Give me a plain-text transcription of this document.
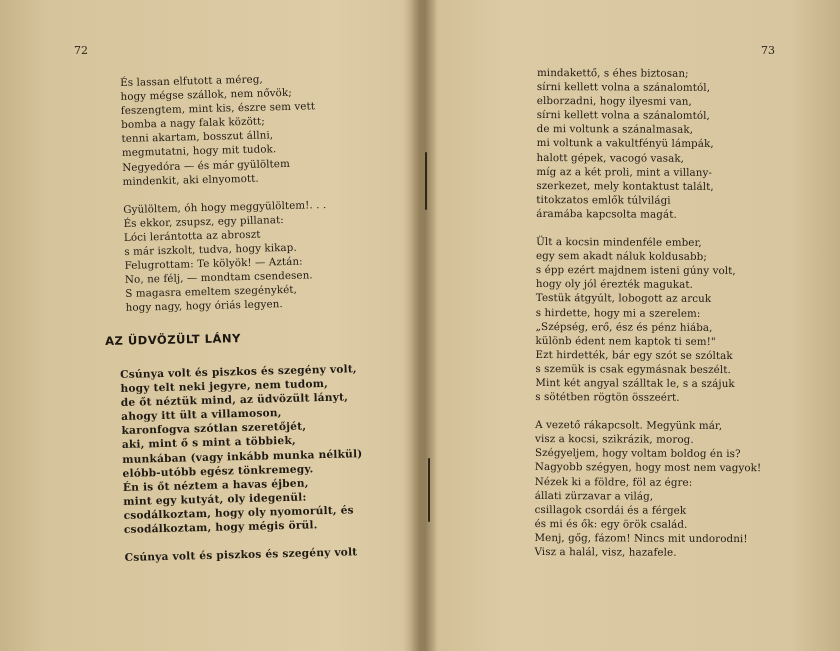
72
És lassan elfutott a méreg,
hogy mégse szállok, nem nővök;
feszengtem, mint kis, észre sem vett
bomba a nagy falak között;
tenni akartam, bosszut állni,
megmutatni, hogy mit tudok.
Negyedóra — és már gyülöltem
mindenkit, aki elnyomott.
Gyülöltem, óh hogy meggyülöltem!. . .
És ekkor, zsupsz, egy pillanat:
Lóci lerántotta az abroszt
s már iszkolt, tudva, hogy kikap.
Felugrottam: Te kölyök! — Aztán:
No, ne félj, — mondtam csendesen.
S magasra emeltem szegénykét,
hogy nagy, hogy óriás legyen.
AZ ÜDVÖZÜLT LÁNY
Csúnya volt és piszkos és szegény volt,
hogy telt neki jegyre, nem tudom,
de őt néztük mind, az üdvözült lányt,
ahogy itt ült a villamoson,
karonfogva szótlan szeretőjét,
aki, mint ő s mint a többiek,
munkában (vagy inkább munka nélkül)
elóbb-utóbb egész tönkremegy.
Én is őt néztem a havas éjben,
mint egy kutyát, oly idegenül:
csodálkoztam, hogy oly nyomorúlt, és
csodálkoztam, hogy mégis örül.
Csúnya volt és piszkos és szegény volt
73
mindakettő, s éhes biztosan;
sírni kellett volna a szánalomtól,
elborzadni, hogy ilyesmi van,
sírni kellett volna a szánalomtól,
de mi voltunk a szánalmasak,
mi voltunk a vakultfényü lámpák,
halott gépek, vacogó vasak,
míg az a két proli, mint a villany-
szerkezet, mely kontaktust talált,
titokzatos emlők túlvilági
áramába kapcsolta magát.
Ült a kocsin mindenféle ember,
egy sem akadt náluk koldusabb;
s épp ezért majdnem isteni gúny volt,
hogy oly jól érezték magukat.
Testük átgyúlt, lobogott az arcuk
s hirdette, hogy mi a szerelem:
„Szépség, erő, ész és pénz hiába,
különb édent nem kaptok ti sem!"
Ezt hirdették, bár egy szót se szóltak
s szemük is csak egymásnak beszélt.
Mint két angyal szálltak le, s a szájuk
s sötétben rögtön összeért.
A vezető rákapcsolt. Megyünk már,
visz a kocsi, szikrázik, morog.
Szégyeljem, hogy voltam boldog én is?
Nagyobb szégyen, hogy most nem vagyok!
Nézek ki a földre, föl az égre:
állati zürzavar a világ,
csillagok csordái és a férgek
és mi és ők: egy örök család.
Menj, gőg, fázom! Nincs mit undorodni!
Visz a halál, visz, hazafele.
